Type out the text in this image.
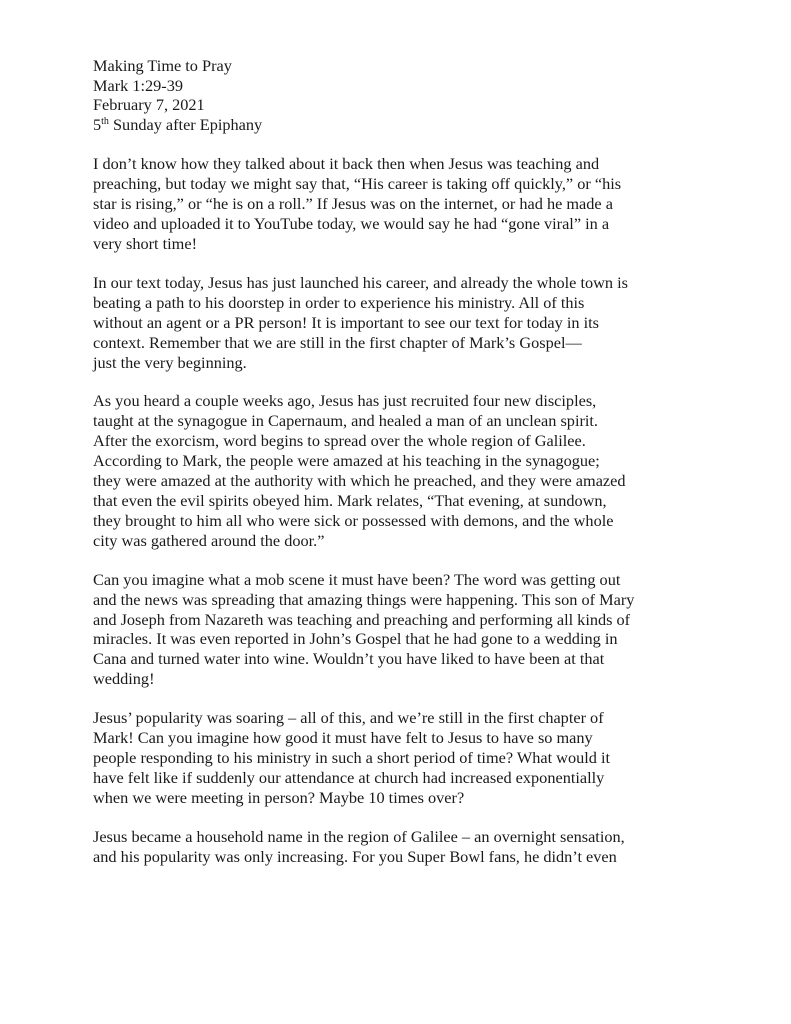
Making Time to Pray

Mark 1:29-39

February 7, 2021

5th Sunday after Epiphany

I don’t know how they talked about it back then when Jesus was teaching and
preaching, but today we might say that, “His career is taking off quickly,” or “his
star is rising,” or “he is on a roll.” If Jesus was on the internet, or had he made a
video and uploaded it to YouTube today, we would say he had “gone viral” in a
very short time!

In our text today, Jesus has just launched his career, and already the whole town is
beating a path to his doorstep in order to experience his ministry. All of this
without an agent or a PR person! It is important to see our text for today in its
context. Remember that we are still in the first chapter of Mark’s Gospel—
just the very beginning.

As you heard a couple weeks ago, Jesus has just recruited four new disciples,
taught at the synagogue in Capernaum, and healed a man of an unclean spirit.
After the exorcism, word begins to spread over the whole region of Galilee.
According to Mark, the people were amazed at his teaching in the synagogue;
they were amazed at the authority with which he preached, and they were amazed
that even the evil spirits obeyed him. Mark relates, “That evening, at sundown,
they brought to him all who were sick or possessed with demons, and the whole
city was gathered around the door.”

Can you imagine what a mob scene it must have been? The word was getting out
and the news was spreading that amazing things were happening. This son of Mary
and Joseph from Nazareth was teaching and preaching and performing all kinds of
miracles. It was even reported in John’s Gospel that he had gone to a wedding in
Cana and turned water into wine. Wouldn’t you have liked to have been at that
wedding!

Jesus’ popularity was soaring – all of this, and we’re still in the first chapter of
Mark! Can you imagine how good it must have felt to Jesus to have so many
people responding to his ministry in such a short period of time? What would it
have felt like if suddenly our attendance at church had increased exponentially
when we were meeting in person? Maybe 10 times over?

Jesus became a household name in the region of Galilee – an overnight sensation,
and his popularity was only increasing. For you Super Bowl fans, he didn’t even
